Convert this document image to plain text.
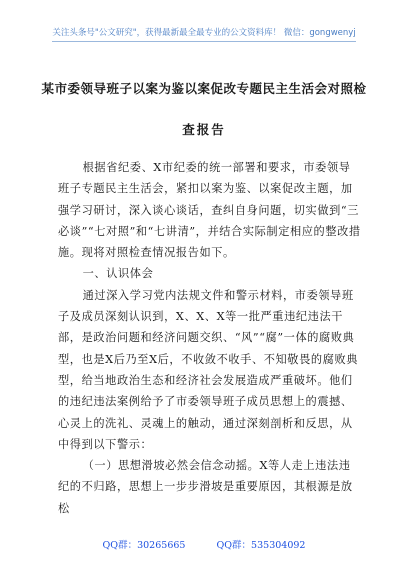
关注头条号"公文研究"，获得最新最全最专业的公文资料库！ 微信：gongwenyj
某市委领导班子以案为鉴以案促改专题民主生活会对照检
查报告
根据省纪委、X市纪委的统一部署和要求，市委领导班子专题民主生活会，紧扣以案为鉴、以案促改主题，加强学习研讨，深入谈心谈话，查纠自身问题，切实做到“三必谈”“七对照”和“七讲清”，并结合实际制定相应的整改措施。现将对照检查情况报告如下。
一、认识体会
通过深入学习党内法规文件和警示材料，市委领导班子及成员深刻认识到，X、X、X等一批严重违纪违法干部，是政治问题和经济问题交织、“风”“腐”一体的腐败典型，也是X后乃至X后，不收敛不收手、不知敬畏的腐败典型，给当地政治生态和经济社会发展造成严重破坏。他们的违纪违法案例给予了市委领导班子成员思想上的震撼、心灵上的洗礼、灵魂上的触动，通过深刻剖析和反思，从中得到以下警示：
（一）思想滑坡必然会信念动摇。X等人走上违法违纪的不归路，思想上一步步滑坡是重要原因，其根源是放松
QQ群：30265665	QQ群：535304092
